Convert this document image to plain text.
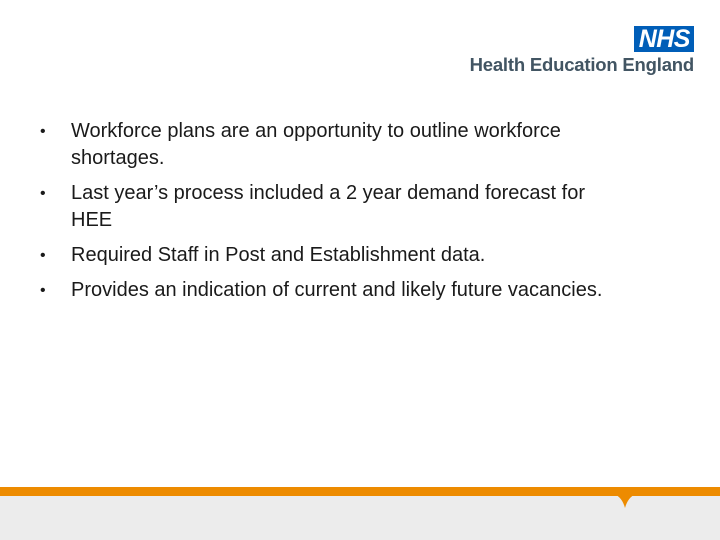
NHS
Health Education England
• Workforce plans are an opportunity to outline workforce shortages.
• Last year’s process included a 2 year demand forecast for HEE
• Required Staff in Post and Establishment data.
• Provides an indication of current and likely future vacancies.
